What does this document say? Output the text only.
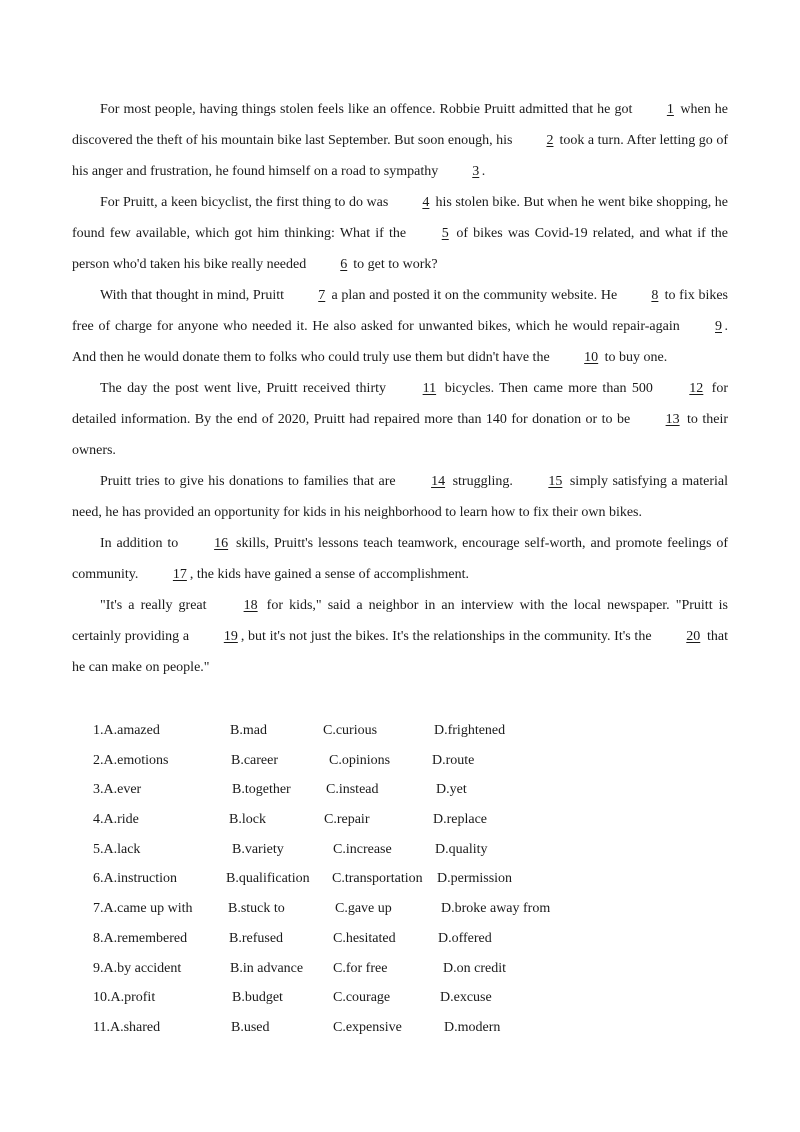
For most people, having things stolen feels like an offence. Robbie Pruitt admitted that he got 1 when he discovered the theft of his mountain bike last September. But soon enough, his 2 took a turn. After letting go of his anger and frustration, he found himself on a road to sympathy 3 .

For Pruitt, a keen bicyclist, the first thing to do was 4 his stolen bike. But when he went bike shopping, he found few available, which got him thinking: What if the 5 of bikes was Covid-19 related, and what if the person who'd taken his bike really needed 6 to get to work?

With that thought in mind, Pruitt 7 a plan and posted it on the community website. He 8 to fix bikes free of charge for anyone who needed it. He also asked for unwanted bikes, which he would repair-again 9 . And then he would donate them to folks who could truly use them but didn't have the 10 to buy one.

The day the post went live, Pruitt received thirty 11 bicycles. Then came more than 500 12 for detailed information. By the end of 2020, Pruitt had repaired more than 140 for donation or to be 13 to their owners.

Pruitt tries to give his donations to families that are 14 struggling. 15 simply satisfying a material need, he has provided an opportunity for kids in his neighborhood to learn how to fix their own bikes.

In addition to 16 skills, Pruitt's lessons teach teamwork, encourage self-worth, and promote feelings of community. 17 , the kids have gained a sense of accomplishment.

"It's a really great 18 for kids," said a neighbor in an interview with the local newspaper. "Pruitt is certainly providing a 19 , but it's not just the bikes. It's the relationships in the community. It's the 20 that he can make on people."

1.A.amazed	B.mad	C.curious	D.frightened
2.A.emotions	B.career	C.opinions	D.route
3.A.ever	B.together	C.instead	D.yet
4.A.ride	B.lock	C.repair	D.replace
5.A.lack	B.variety	C.increase	D.quality
6.A.instruction	B.qualification C.transportation D.permission
7.A.came up with	B.stuck to	C.gave up	D.broke away from
8.A.remembered	B.refused	C.hesitated	D.offered
9.A.by accident	B.in advance C.for free	D.on credit
10.A.profit	B.budget	C.courage	D.excuse
11.A.shared	B.used	C.expensive	D.modern
